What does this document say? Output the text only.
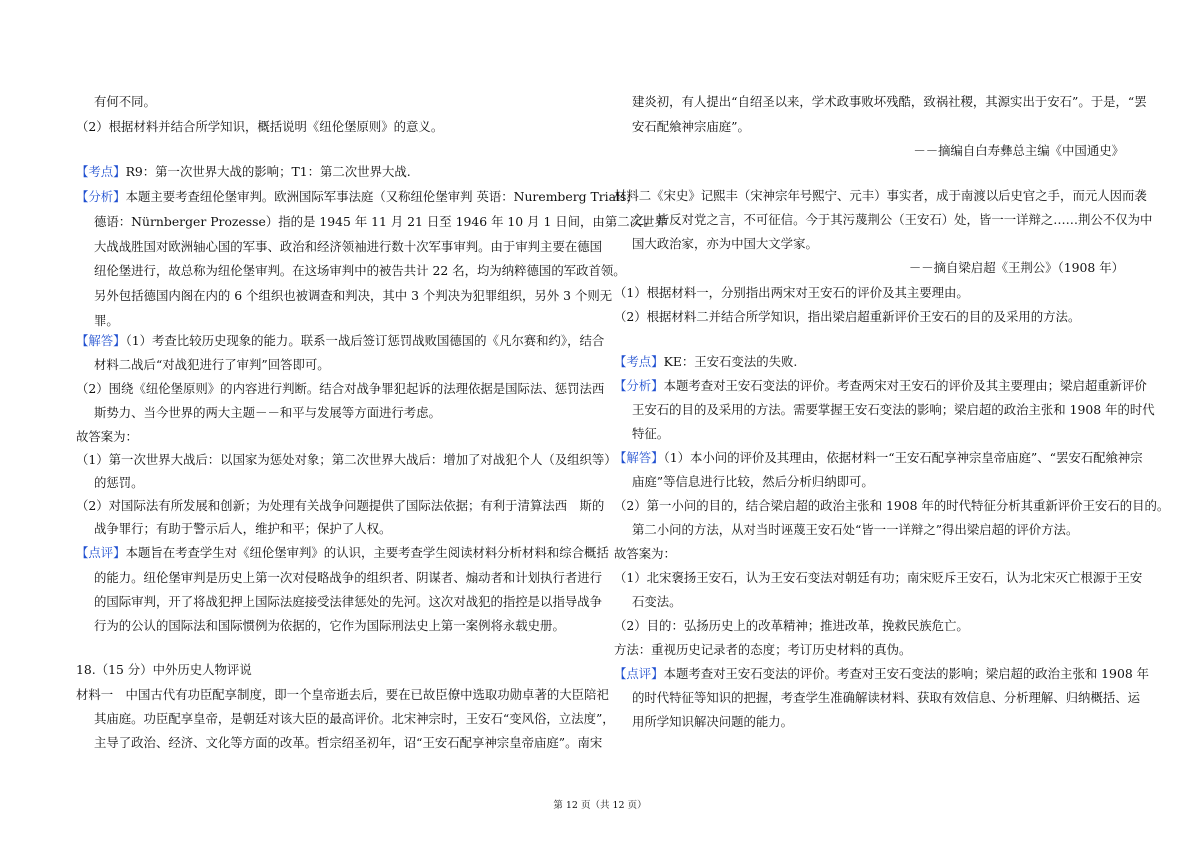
有何不同。
（2）根据材料并结合所学知识，概括说明《纽伦堡原则》的意义。
【考点】R9：第一次世界大战的影响；T1：第二次世界大战.
【分析】本题主要考查纽伦堡审判。欧洲国际军事法庭（又称纽伦堡审判 英语：Nuremberg Trials，
德语：Nürnberger Prozesse）指的是 1945 年 11 月 21 日至 1946 年 10 月 1 日间，由第二次世界
大战战胜国对欧洲轴心国的军事、政治和经济领袖进行数十次军事审判。由于审判主要在德国
纽伦堡进行，故总称为纽伦堡审判。在这场审判中的被告共计 22 名，均为纳粹德国的军政首领。
另外包括德国内阁在内的 6 个组织也被调查和判决，其中 3 个判决为犯罪组织，另外 3 个则无
罪。
【解答】（1）考查比较历史现象的能力。联系一战后签订惩罚战败国德国的《凡尔赛和约》，结合
材料二战后“对战犯进行了审判”回答即可。
（2）围绕《纽伦堡原则》的内容进行判断。结合对战争罪犯起诉的法理依据是国际法、惩罚法西
斯势力、当今世界的两大主题－－和平与发展等方面进行考虑。
故答案为：
（1）第一次世界大战后：以国家为惩处对象；第二次世界大战后：增加了对战犯个人（及组织等）
的惩罚。
（2）对国际法有所发展和创新；为处理有关战争问题提供了国际法依据；有利于清算法西　斯的
战争罪行；有助于警示后人，维护和平；保护了人权。
【点评】本题旨在考查学生对《纽伦堡审判》的认识，主要考查学生阅读材料分析材料和综合概括
的能力。纽伦堡审判是历史上第一次对侵略战争的组织者、阴谋者、煽动者和计划执行者进行
的国际审判，开了将战犯押上国际法庭接受法律惩处的先河。这次对战犯的指控是以指导战争
行为的公认的国际法和国际惯例为依据的，它作为国际刑法史上第一案例将永载史册。
18.（15 分）中外历史人物评说
材料一　中国古代有功臣配享制度，即一个皇帝逝去后，要在已故臣僚中选取功勋卓著的大臣陪祀
其庙庭。功臣配享皇帝，是朝廷对该大臣的最高评价。北宋神宗时，王安石“变风俗，立法度”，
主导了政治、经济、文化等方面的改革。哲宗绍圣初年，诏“王安石配享神宗皇帝庙庭”。南宋
建炎初，有人提出“自绍圣以来，学术政事败坏残酷，致祸社稷，其源实出于安石”。于是，“罢
安石配飨神宗庙庭”。
－－摘编自白寿彝总主编《中国通史》
材料二《宋史》记熙丰（宋神宗年号熙宁、元丰）事实者，成于南渡以后史官之手，而元人因而袭
之，皆反对党之言，不可征信。今于其污蔑荆公（王安石）处，皆一一详辩之……荆公不仅为中
国大政治家，亦为中国大文学家。
－－摘自梁启超《王荆公》（1908 年）
（1）根据材料一，分别指出两宋对王安石的评价及其主要理由。
（2）根据材料二并结合所学知识，指出梁启超重新评价王安石的目的及采用的方法。
【考点】KE：王安石变法的失败.
【分析】本题考查对王安石变法的评价。考查两宋对王安石的评价及其主要理由；梁启超重新评价
王安石的目的及采用的方法。需要掌握王安石变法的影响；梁启超的政治主张和 1908 年的时代
特征。
【解答】（1）本小问的评价及其理由，依据材料一“王安石配享神宗皇帝庙庭”、“罢安石配飨神宗
庙庭”等信息进行比较，然后分析归纳即可。
（2）第一小问的目的，结合梁启超的政治主张和 1908 年的时代特征分析其重新评价王安石的目的。
第二小问的方法，从对当时诬蔑王安石处“皆一一详辩之”得出梁启超的评价方法。
故答案为：
（1）北宋褒扬王安石，认为王安石变法对朝廷有功；南宋贬斥王安石，认为北宋灭亡根源于王安
石变法。
（2）目的：弘扬历史上的改革精神；推进改革，挽救民族危亡。
方法：重视历史记录者的态度；考订历史材料的真伪。
【点评】本题考查对王安石变法的评价。考查对王安石变法的影响；梁启超的政治主张和 1908 年
的时代特征等知识的把握，考查学生准确解读材料、获取有效信息、分析理解、归纳概括、运
用所学知识解决问题的能力。
第 12 页（共 12 页）
